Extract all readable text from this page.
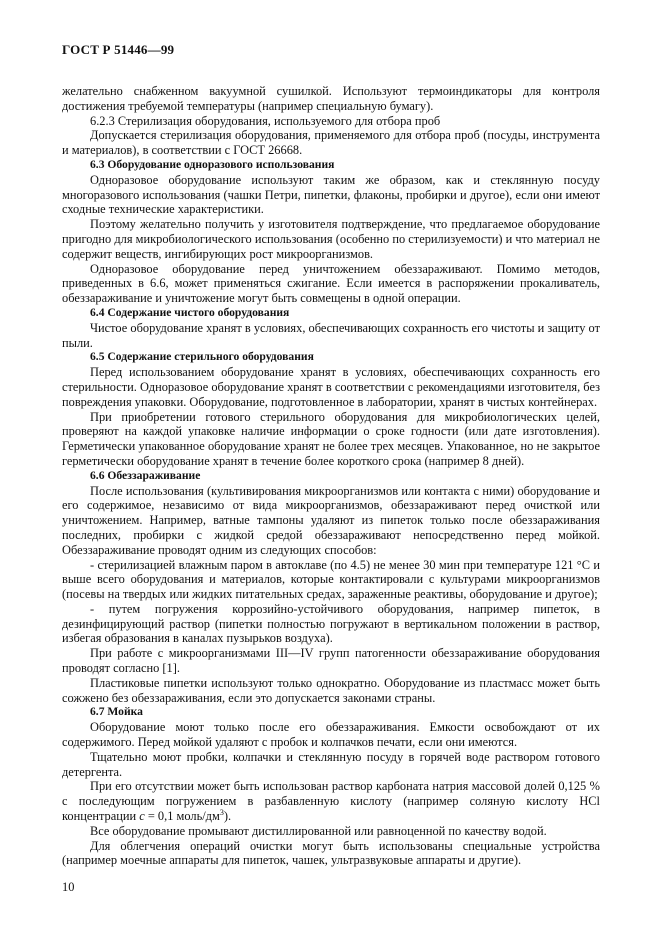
ГОСТ Р 51446—99

желательно снабженном вакуумной сушилкой. Используют термоиндикаторы для контроля достижения требуемой температуры (например специальную бумагу).

6.2.3 Стерилизация оборудования, используемого для отбора проб

Допускается стерилизация оборудования, применяемого для отбора проб (посуды, инструмента и материалов), в соответствии с ГОСТ 26668.

6.3 Оборудование одноразового использования

Одноразовое оборудование используют таким же образом, как и стеклянную посуду многоразового использования (чашки Петри, пипетки, флаконы, пробирки и другое), если они имеют сходные технические характеристики.

Поэтому желательно получить у изготовителя подтверждение, что предлагаемое оборудование пригодно для микробиологического использования (особенно по стерилизуемости) и что материал не содержит веществ, ингибирующих рост микроорганизмов.

Одноразовое оборудование перед уничтожением обеззараживают. Помимо методов, приведенных в 6.6, может применяться сжигание. Если имеется в распоряжении прокаливатель, обеззараживание и уничтожение могут быть совмещены в одной операции.

6.4 Содержание чистого оборудования

Чистое оборудование хранят в условиях, обеспечивающих сохранность его чистоты и защиту от пыли.

6.5 Содержание стерильного оборудования

Перед использованием оборудование хранят в условиях, обеспечивающих сохранность его стерильности. Одноразовое оборудование хранят в соответствии с рекомендациями изготовителя, без повреждения упаковки. Оборудование, подготовленное в лаборатории, хранят в чистых контейнерах.

При приобретении готового стерильного оборудования для микробиологических целей, проверяют на каждой упаковке наличие информации о сроке годности (или дате изготовления). Герметически упакованное оборудование хранят не более трех месяцев. Упакованное, но не закрытое герметически оборудование хранят в течение более короткого срока (например 8 дней).

6.6 Обеззараживание

После использования (культивирования микроорганизмов или контакта с ними) оборудование и его содержимое, независимо от вида микроорганизмов, обеззараживают перед очисткой или уничтожением. Например, ватные тампоны удаляют из пипеток только после обеззараживания последних, пробирки с жидкой средой обеззараживают непосредственно перед мойкой. Обеззараживание проводят одним из следующих способов:

- стерилизацией влажным паром в автоклаве (по 4.5) не менее 30 мин при температуре 121 °С и выше всего оборудования и материалов, которые контактировали с культурами микроорганизмов (посевы на твердых или жидких питательных средах, зараженные реактивы, оборудование и другое);

- путем погружения коррозийно-устойчивого оборудования, например пипеток, в дезинфицирующий раствор (пипетки полностью погружают в вертикальном положении в раствор, избегая образования в каналах пузырьков воздуха).

При работе с микроорганизмами III—IV групп патогенности обеззараживание оборудования проводят согласно [1].

Пластиковые пипетки используют только однократно. Оборудование из пластмасс может быть сожжено без обеззараживания, если это допускается законами страны.

6.7 Мойка

Оборудование моют только после его обеззараживания. Емкости освобождают от их содержимого. Перед мойкой удаляют с пробок и колпачков печати, если они имеются.

Тщательно моют пробки, колпачки и стеклянную посуду в горячей воде раствором готового детергента.

При его отсутствии может быть использован раствор карбоната натрия массовой долей 0,125 % с последующим погружением в разбавленную кислоту (например соляную кислоту HCl концентрации c = 0,1 моль/$дм^3$).

Все оборудование промывают дистиллированной или равноценной по качеству водой.

Для облегчения операций очистки могут быть использованы специальные устройства (например моечные аппараты для пипеток, чашек, ультразвуковые аппараты и другие).

10
